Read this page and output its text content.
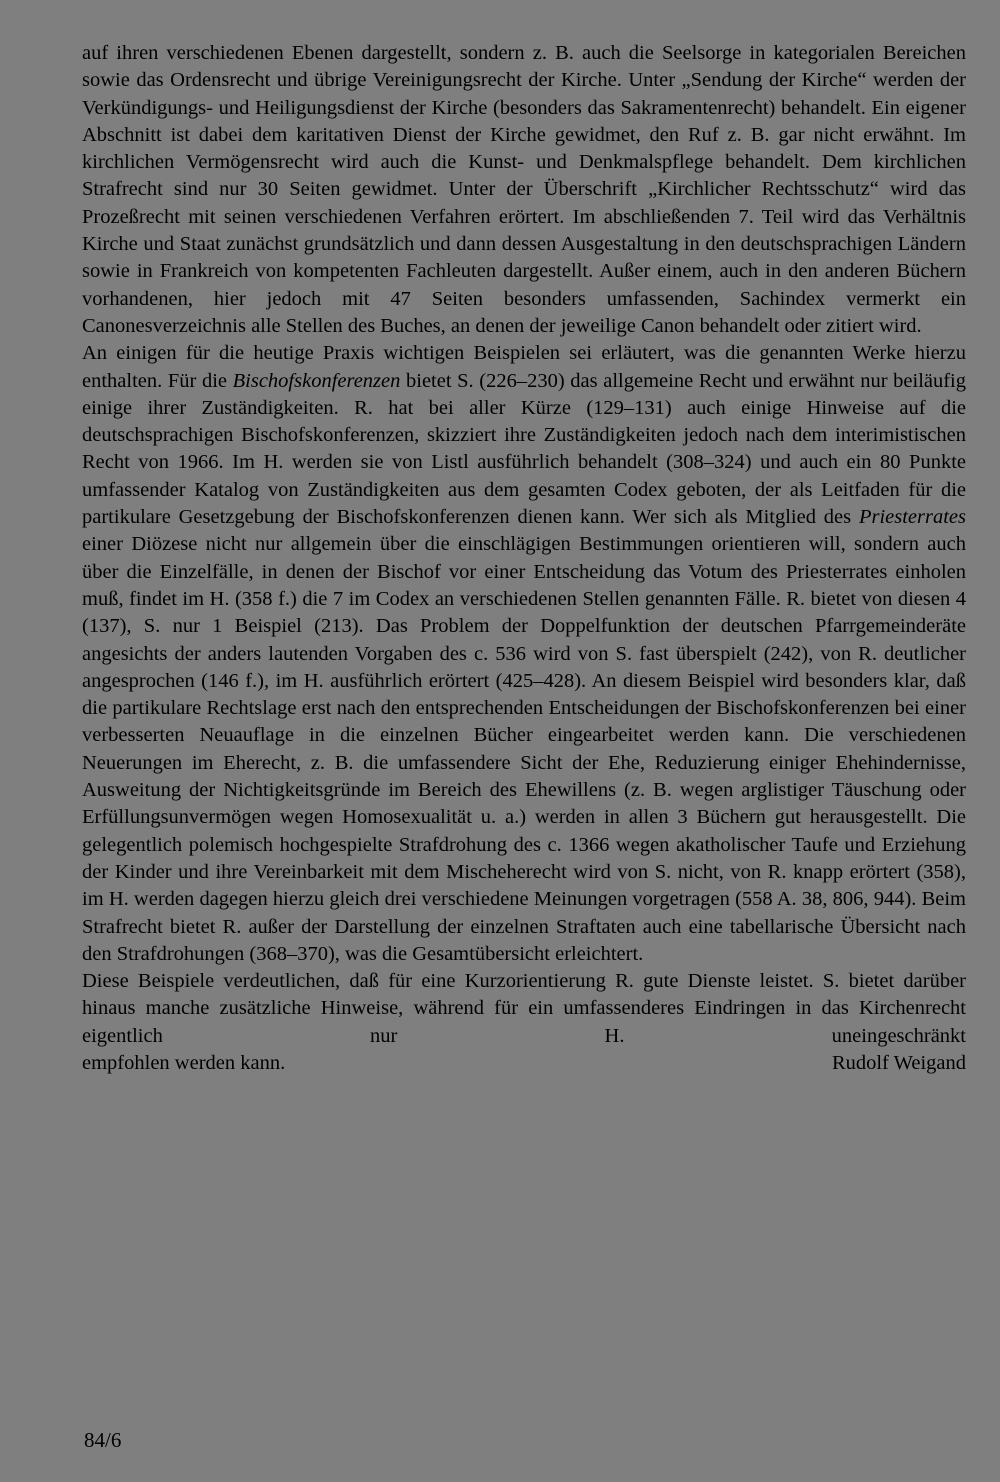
auf ihren verschiedenen Ebenen dargestellt, sondern z. B. auch die Seelsorge in kategorialen Bereichen sowie das Ordensrecht und übrige Vereinigungsrecht der Kirche. Unter „Sendung der Kirche“ werden der Verkündigungs- und Heiligungsdienst der Kirche (besonders das Sakramentenrecht) behandelt. Ein eigener Abschnitt ist dabei dem karitativen Dienst der Kirche gewidmet, den Ruf z. B. gar nicht erwähnt. Im kirchlichen Vermögensrecht wird auch die Kunst- und Denkmalspflege behandelt. Dem kirchlichen Strafrecht sind nur 30 Seiten gewidmet. Unter der Überschrift „Kirchlicher Rechtsschutz“ wird das Prozeßrecht mit seinen verschiedenen Verfahren erörtert. Im abschließenden 7. Teil wird das Verhältnis Kirche und Staat zunächst grundsätzlich und dann dessen Ausgestaltung in den deutschsprachigen Ländern sowie in Frankreich von kompetenten Fachleuten dargestellt. Außer einem, auch in den anderen Büchern vorhandenen, hier jedoch mit 47 Seiten besonders umfassenden, Sachindex vermerkt ein Canonesverzeichnis alle Stellen des Buches, an denen der jeweilige Canon behandelt oder zitiert wird.

An einigen für die heutige Praxis wichtigen Beispielen sei erläutert, was die genannten Werke hierzu enthalten. Für die Bischofskonferenzen bietet S. (226–230) das allgemeine Recht und erwähnt nur beiläufig einige ihrer Zuständigkeiten. R. hat bei aller Kürze (129–131) auch einige Hinweise auf die deutschsprachigen Bischofskonferenzen, skizziert ihre Zuständigkeiten jedoch nach dem interimistischen Recht von 1966. Im H. werden sie von Listl ausführlich behandelt (308–324) und auch ein 80 Punkte umfassender Katalog von Zuständigkeiten aus dem gesamten Codex geboten, der als Leitfaden für die partikulare Gesetzgebung der Bischofskonferenzen dienen kann. Wer sich als Mitglied des Priesterrates einer Diözese nicht nur allgemein über die einschlägigen Bestimmungen orientieren will, sondern auch über die Einzelfälle, in denen der Bischof vor einer Entscheidung das Votum des Priesterrates einholen muß, findet im H. (358 f.) die 7 im Codex an verschiedenen Stellen genannten Fälle. R. bietet von diesen 4 (137), S. nur 1 Beispiel (213). Das Problem der Doppelfunktion der deutschen Pfarrgemeinderäte angesichts der anders lautenden Vorgaben des c. 536 wird von S. fast überspielt (242), von R. deutlicher angesprochen (146 f.), im H. ausführlich erörtert (425–428). An diesem Beispiel wird besonders klar, daß die partikulare Rechtslage erst nach den entsprechenden Entscheidungen der Bischofskonferenzen bei einer verbesserten Neuauflage in die einzelnen Bücher eingearbeitet werden kann. Die verschiedenen Neuerungen im Eherecht, z. B. die umfassendere Sicht der Ehe, Reduzierung einiger Ehehindernisse, Ausweitung der Nichtigkeitsgründe im Bereich des Ehewillens (z. B. wegen arglistiger Täuschung oder Erfüllungsunvermögen wegen Homosexualität u. a.) werden in allen 3 Büchern gut herausgestellt. Die gelegentlich polemisch hochgespielte Strafdrohung des c. 1366 wegen akatholischer Taufe und Erziehung der Kinder und ihre Vereinbarkeit mit dem Mischeherecht wird von S. nicht, von R. knapp erörtert (358), im H. werden dagegen hierzu gleich drei verschiedene Meinungen vorgetragen (558 A. 38, 806, 944). Beim Strafrecht bietet R. außer der Darstellung der einzelnen Straftaten auch eine tabellarische Übersicht nach den Strafdrohungen (368–370), was die Gesamtübersicht erleichtert.

Diese Beispiele verdeutlichen, daß für eine Kurzorientierung R. gute Dienste leistet. S. bietet darüber hinaus manche zusätzliche Hinweise, während für ein umfassenderes Eindringen in das Kirchenrecht eigentlich nur H. uneingeschränkt

empfohlen werden kann.	Rudolf Weigand
84/6
